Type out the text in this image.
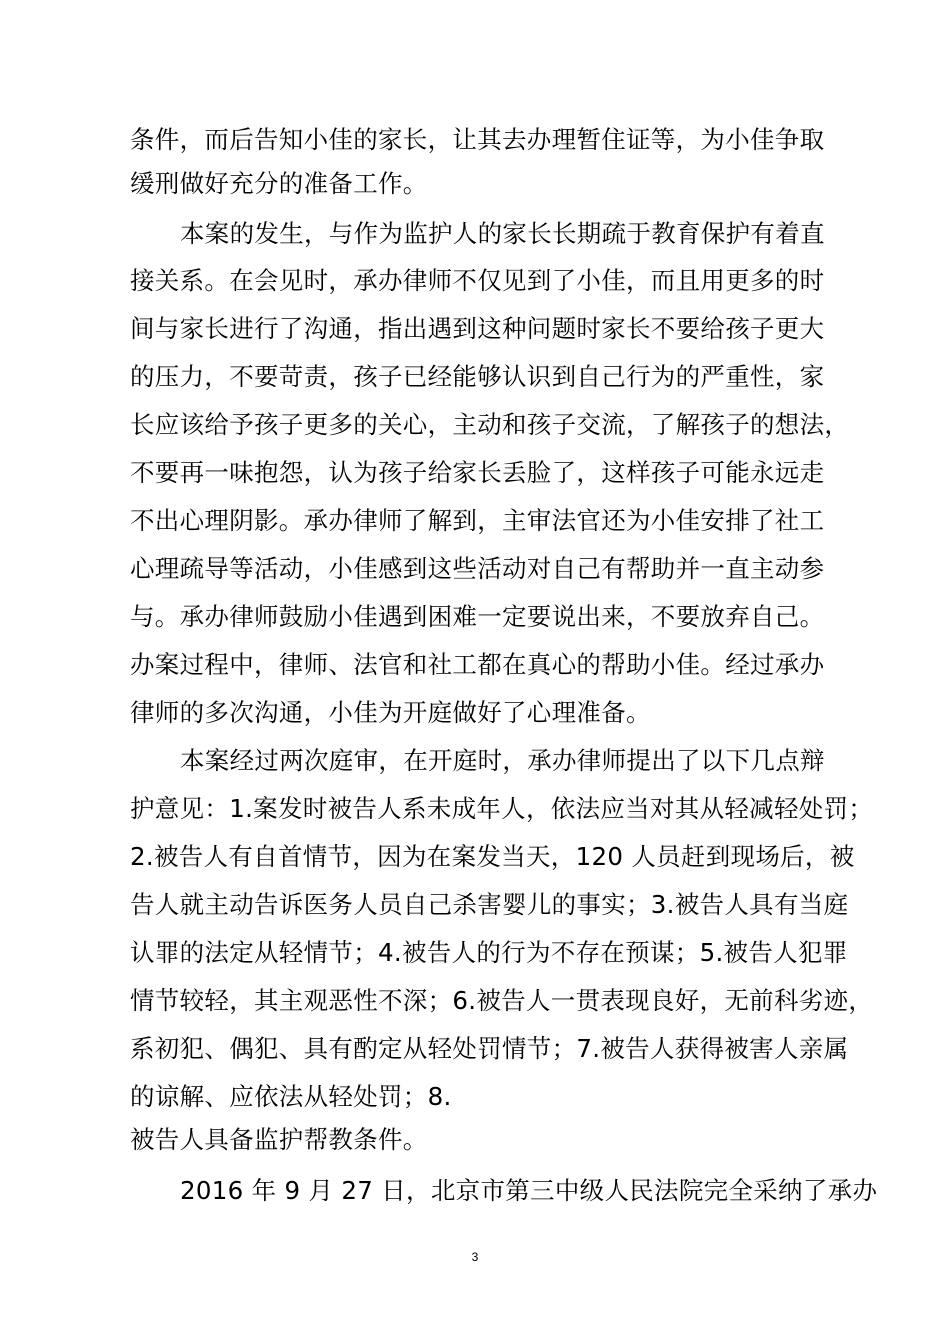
条件，而后告知小佳的家长，让其去办理暂住证等，为小佳争取
缓刑做好充分的准备工作。
本案的发生，与作为监护人的家长长期疏于教育保护有着直
接关系。在会见时，承办律师不仅见到了小佳，而且用更多的时
间与家长进行了沟通，指出遇到这种问题时家长不要给孩子更大
的压力，不要苛责，孩子已经能够认识到自己行为的严重性，家
长应该给予孩子更多的关心，主动和孩子交流，了解孩子的想法，
不要再一味抱怨，认为孩子给家长丢脸了，这样孩子可能永远走
不出心理阴影。承办律师了解到，主审法官还为小佳安排了社工
心理疏导等活动，小佳感到这些活动对自己有帮助并一直主动参
与。承办律师鼓励小佳遇到困难一定要说出来，不要放弃自己。
办案过程中，律师、法官和社工都在真心的帮助小佳。经过承办
律师的多次沟通，小佳为开庭做好了心理准备。
本案经过两次庭审，在开庭时，承办律师提出了以下几点辩
护意见：1.案发时被告人系未成年人，依法应当对其从轻减轻处罚；
2.被告人有自首情节，因为在案发当天，120 人员赶到现场后，被
告人就主动告诉医务人员自己杀害婴儿的事实；3.被告人具有当庭
认罪的法定从轻情节；4.被告人的行为不存在预谋；5.被告人犯罪
情节较轻，其主观恶性不深；6.被告人一贯表现良好，无前科劣迹，
系初犯、偶犯、具有酌定从轻处罚情节；7.被告人获得被害人亲属
的谅解、应依法从轻处罚；8.
被告人具备监护帮教条件。
2016 年 9 月 27 日，北京市第三中级人民法院完全采纳了承办
3
